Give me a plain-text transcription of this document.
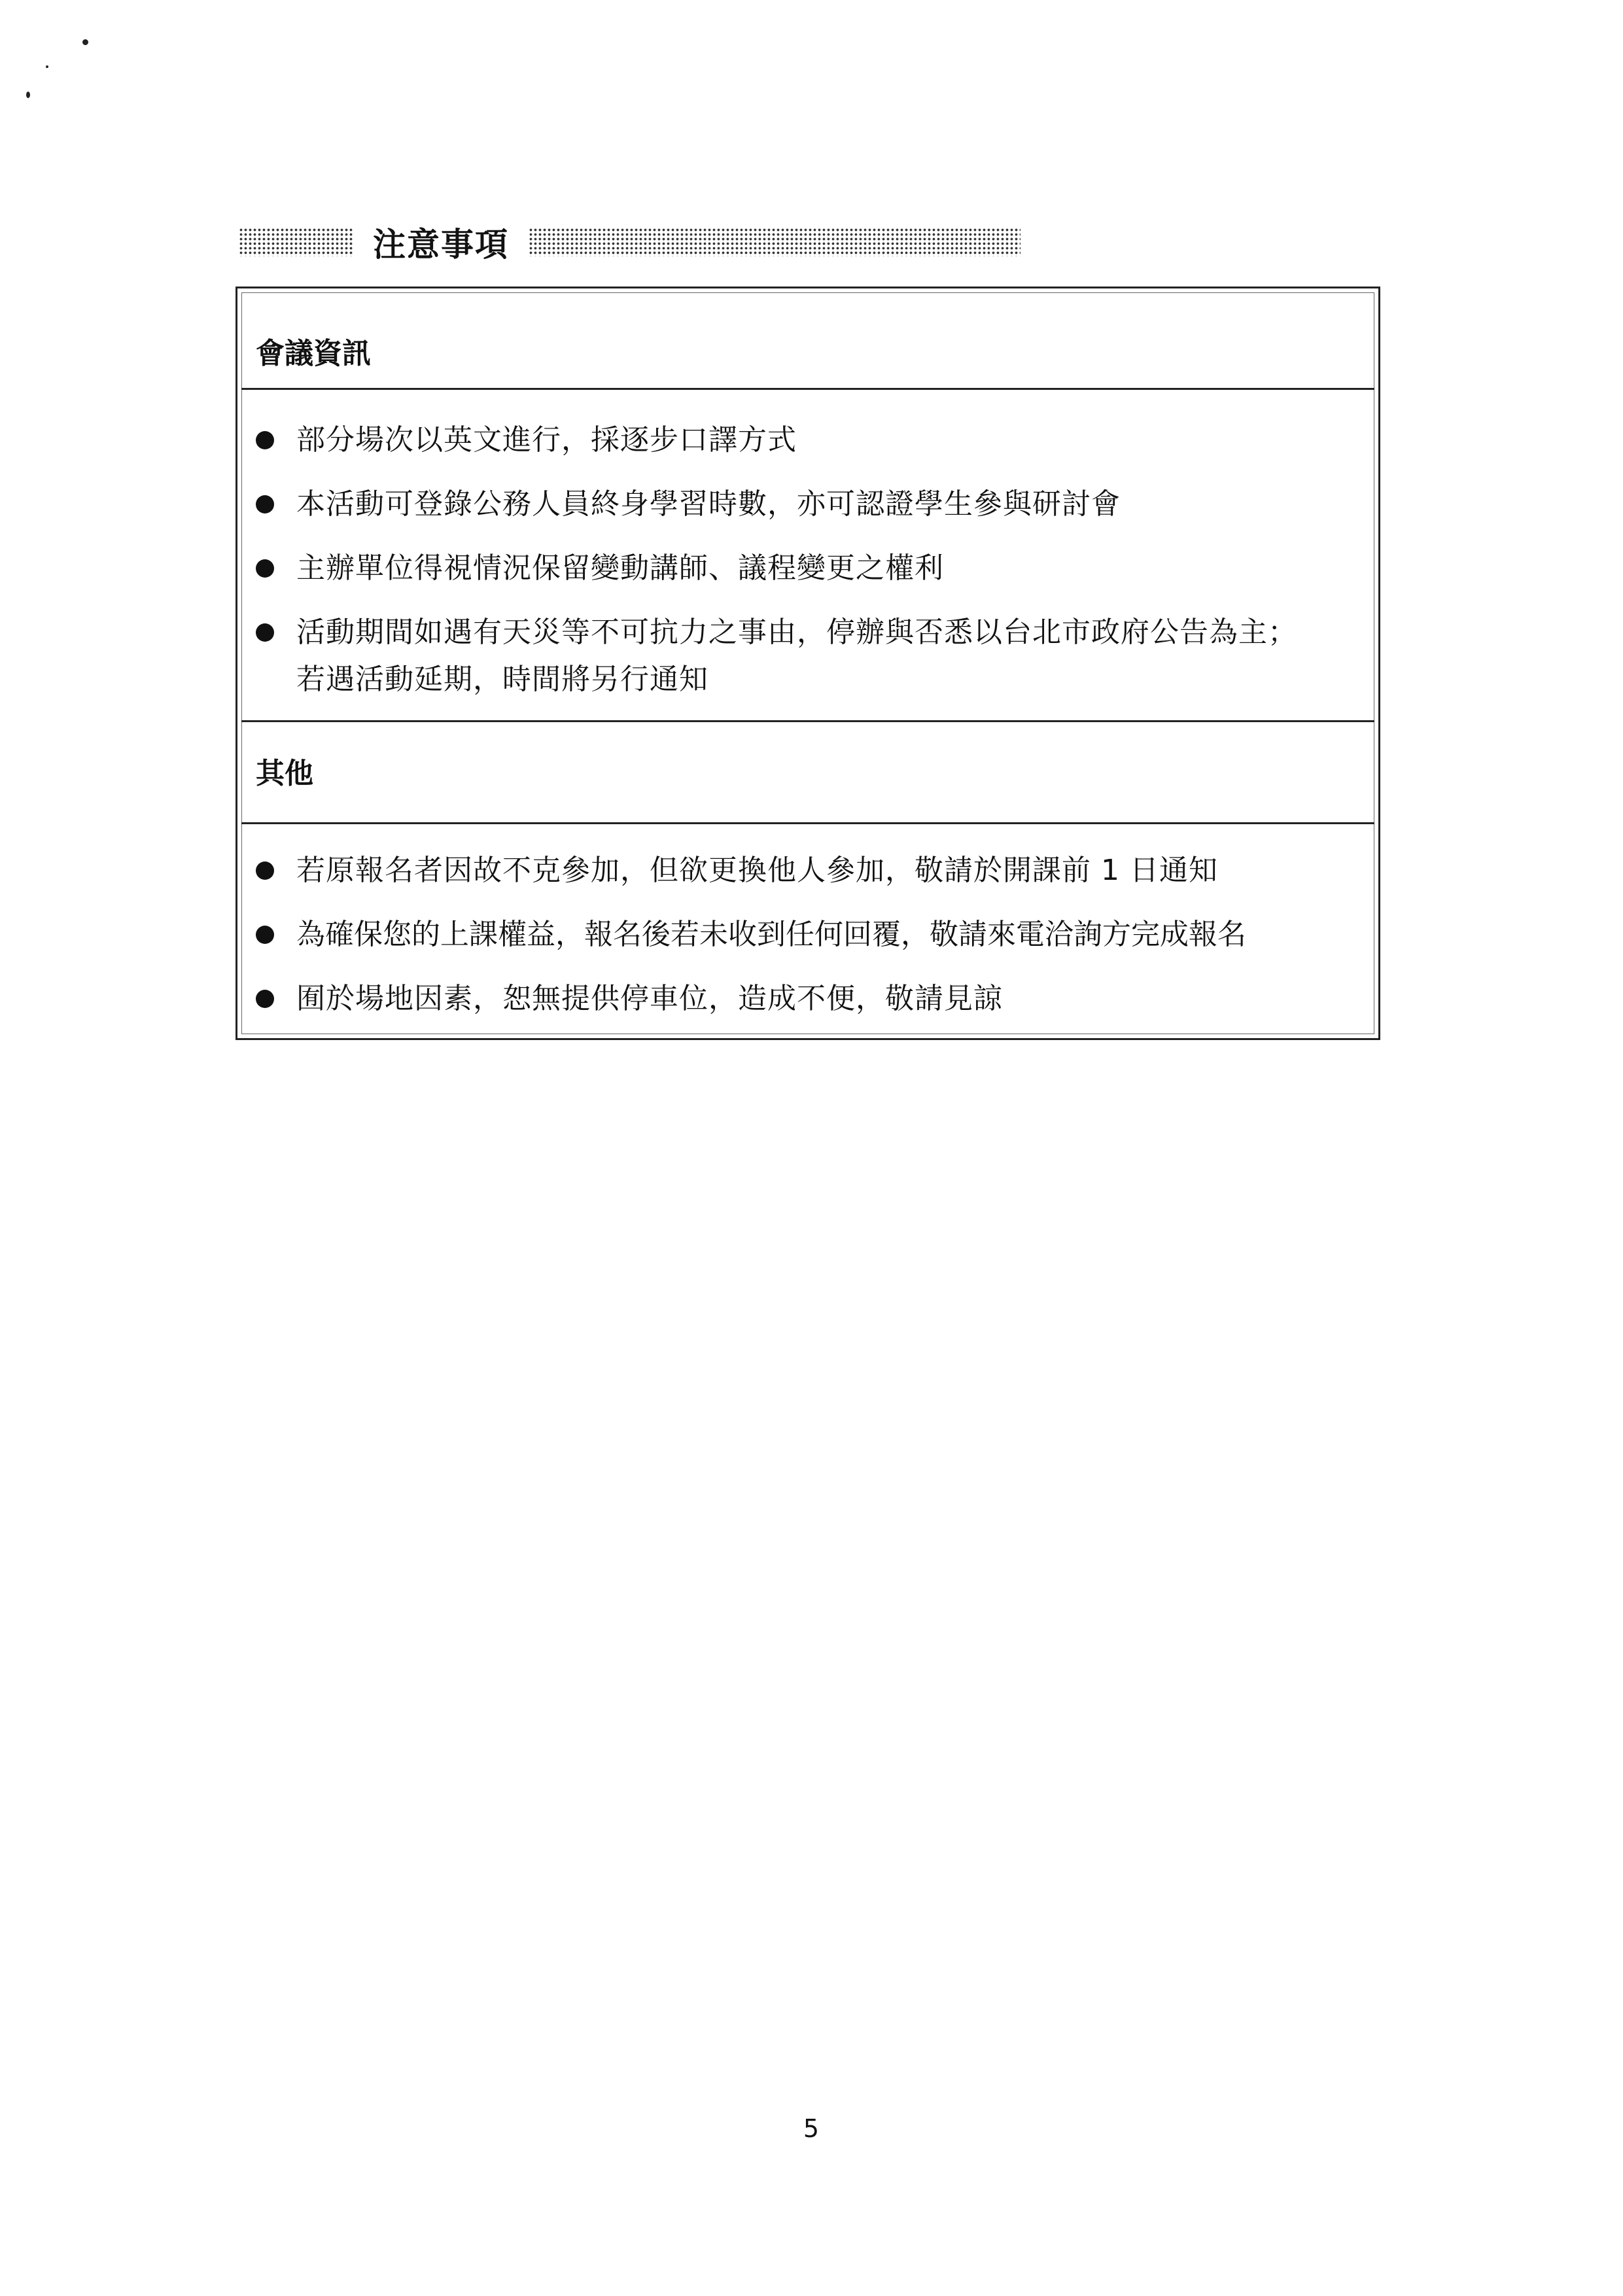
注意事項
會議資訊
部分場次以英文進行，採逐步口譯方式
本活動可登錄公務人員終身學習時數，亦可認證學生參與研討會
主辦單位得視情況保留變動講師、議程變更之權利
活動期間如遇有天災等不可抗力之事由，停辦與否悉以台北市政府公告為主；若遇活動延期，時間將另行通知
其他
若原報名者因故不克參加，但欲更換他人參加，敬請於開課前 1 日通知
為確保您的上課權益，報名後若未收到任何回覆，敬請來電洽詢方完成報名
囿於場地因素，恕無提供停車位，造成不便，敬請見諒
5
